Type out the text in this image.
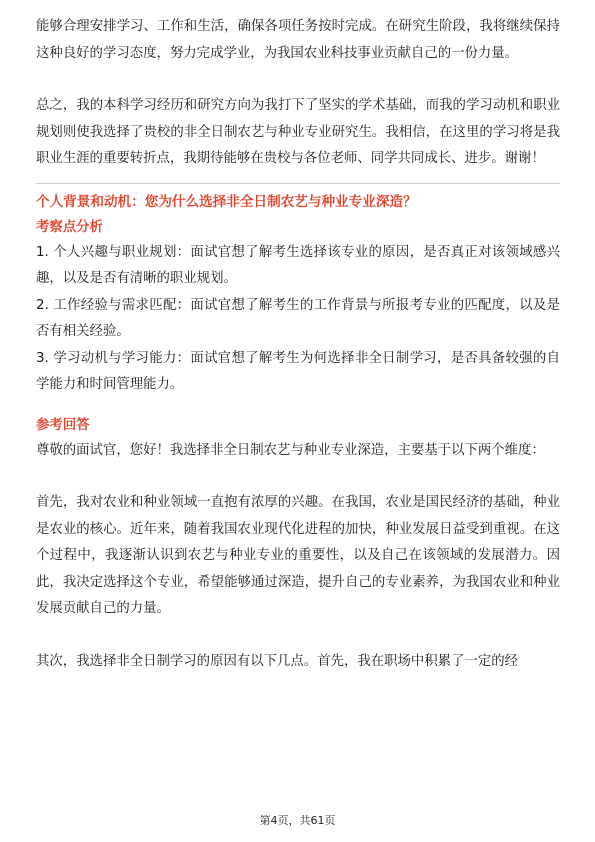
能够合理安排学习、工作和生活，确保各项任务按时完成。在研究生阶段，我将继续保持这种良好的学习态度，努力完成学业，为我国农业科技事业贡献自己的一份力量。

总之，我的本科学习经历和研究方向为我打下了坚实的学术基础，而我的学习动机和职业规划则使我选择了贵校的非全日制农艺与种业专业研究生。我相信，在这里的学习将是我职业生涯的重要转折点，我期待能够在贵校与各位老师、同学共同成长、进步。谢谢！

个人背景和动机：您为什么选择非全日制农艺与种业专业深造？

考察点分析

1. 个人兴趣与职业规划：面试官想了解考生选择该专业的原因，是否真正对该领域感兴趣，以及是否有清晰的职业规划。

2. 工作经验与需求匹配：面试官想了解考生的工作背景与所报考专业的匹配度，以及是否有相关经验。

3. 学习动机与学习能力：面试官想了解考生为何选择非全日制学习，是否具备较强的自学能力和时间管理能力。

参考回答

尊敬的面试官，您好！我选择非全日制农艺与种业专业深造，主要基于以下两个维度：

首先，我对农业和种业领域一直抱有浓厚的兴趣。在我国，农业是国民经济的基础，种业是农业的核心。近年来，随着我国农业现代化进程的加快，种业发展日益受到重视。在这个过程中，我逐渐认识到农艺与种业专业的重要性，以及自己在该领域的发展潜力。因此，我决定选择这个专业，希望能够通过深造，提升自己的专业素养，为我国农业和种业发展贡献自己的力量。

其次，我选择非全日制学习的原因有以下几点。首先，我在职场中积累了一定的经

第4页，共61页
